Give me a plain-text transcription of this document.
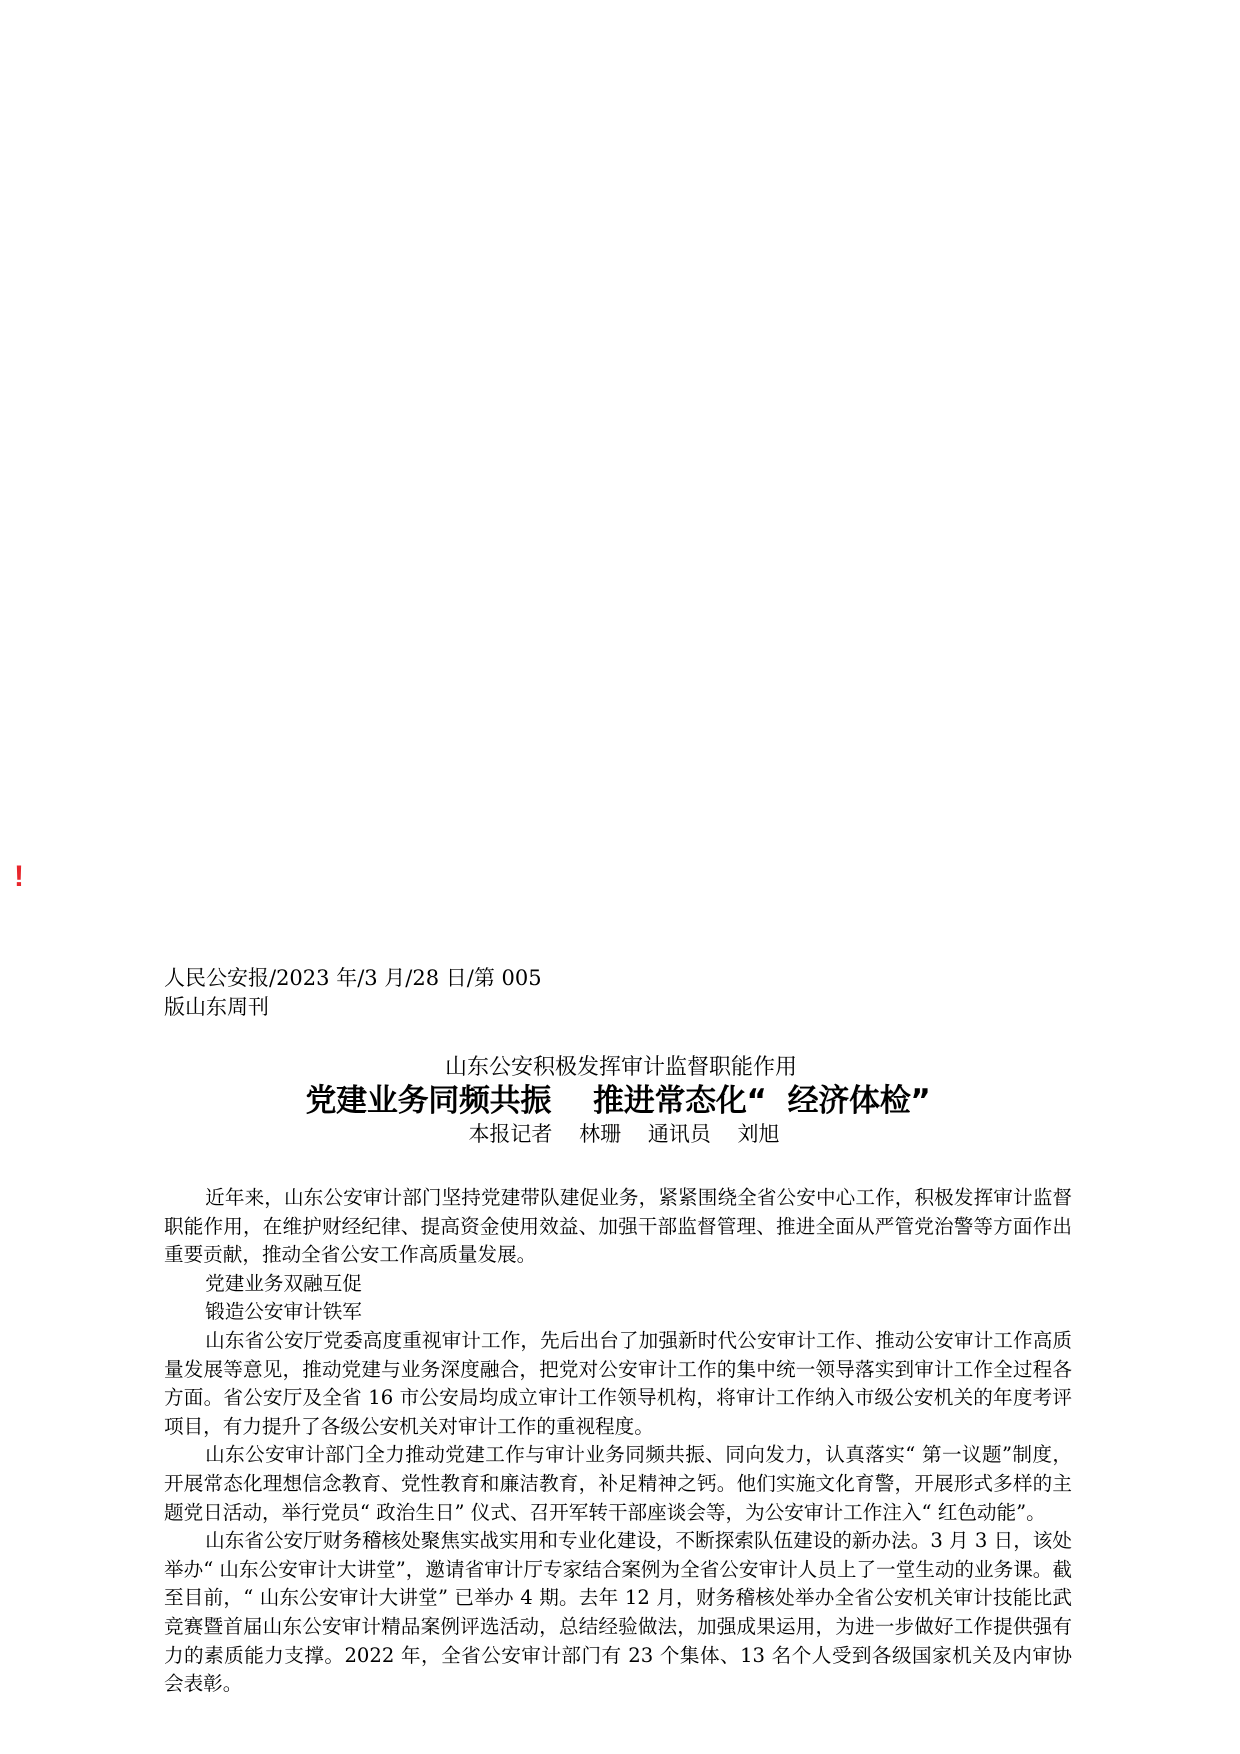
!
人民公安报/2023 年/3 月/28 日/第 005
版山东周刊
山东公安积极发挥审计监督职能作用
党建业务同频共振    推进常态化“  经济体检”
本报记者    林珊    通讯员    刘旭

近年来，山东公安审计部门坚持党建带队建促业务，紧紧围绕全省公安中心工作，积极发挥审计监督职能作用，在维护财经纪律、提高资金使用效益、加强干部监督管理、推进全面从严管党治警等方面作出重要贡献，推动全省公安工作高质量发展。

党建业务双融互促

锻造公安审计铁军

山东省公安厅党委高度重视审计工作，先后出台了加强新时代公安审计工作、推动公安审计工作高质量发展等意见，推动党建与业务深度融合，把党对公安审计工作的集中统一领导落实到审计工作全过程各方面。省公安厅及全省 16 市公安局均成立审计工作领导机构，将审计工作纳入市级公安机关的年度考评项目，有力提升了各级公安机关对审计工作的重视程度。

山东公安审计部门全力推动党建工作与审计业务同频共振、同向发力，认真落实“ 第一议题”制度，开展常态化理想信念教育、党性教育和廉洁教育，补足精神之钙。他们实施文化育警，开展形式多样的主题党日活动，举行党员“ 政治生日” 仪式、召开军转干部座谈会等，为公安审计工作注入“ 红色动能”。

山东省公安厅财务稽核处聚焦实战实用和专业化建设，不断探索队伍建设的新办法。3 月 3 日，该处举办“ 山东公安审计大讲堂”，邀请省审计厅专家结合案例为全省公安审计人员上了一堂生动的业务课。截至目前，“ 山东公安审计大讲堂” 已举办 4 期。去年 12 月，财务稽核处举办全省公安机关审计技能比武竞赛暨首届山东公安审计精品案例评选活动，总结经验做法，加强成果运用，为进一步做好工作提供强有力的素质能力支撑。2022 年，全省公安审计部门有 23 个集体、13 名个人受到各级国家机关及内审协会表彰。
